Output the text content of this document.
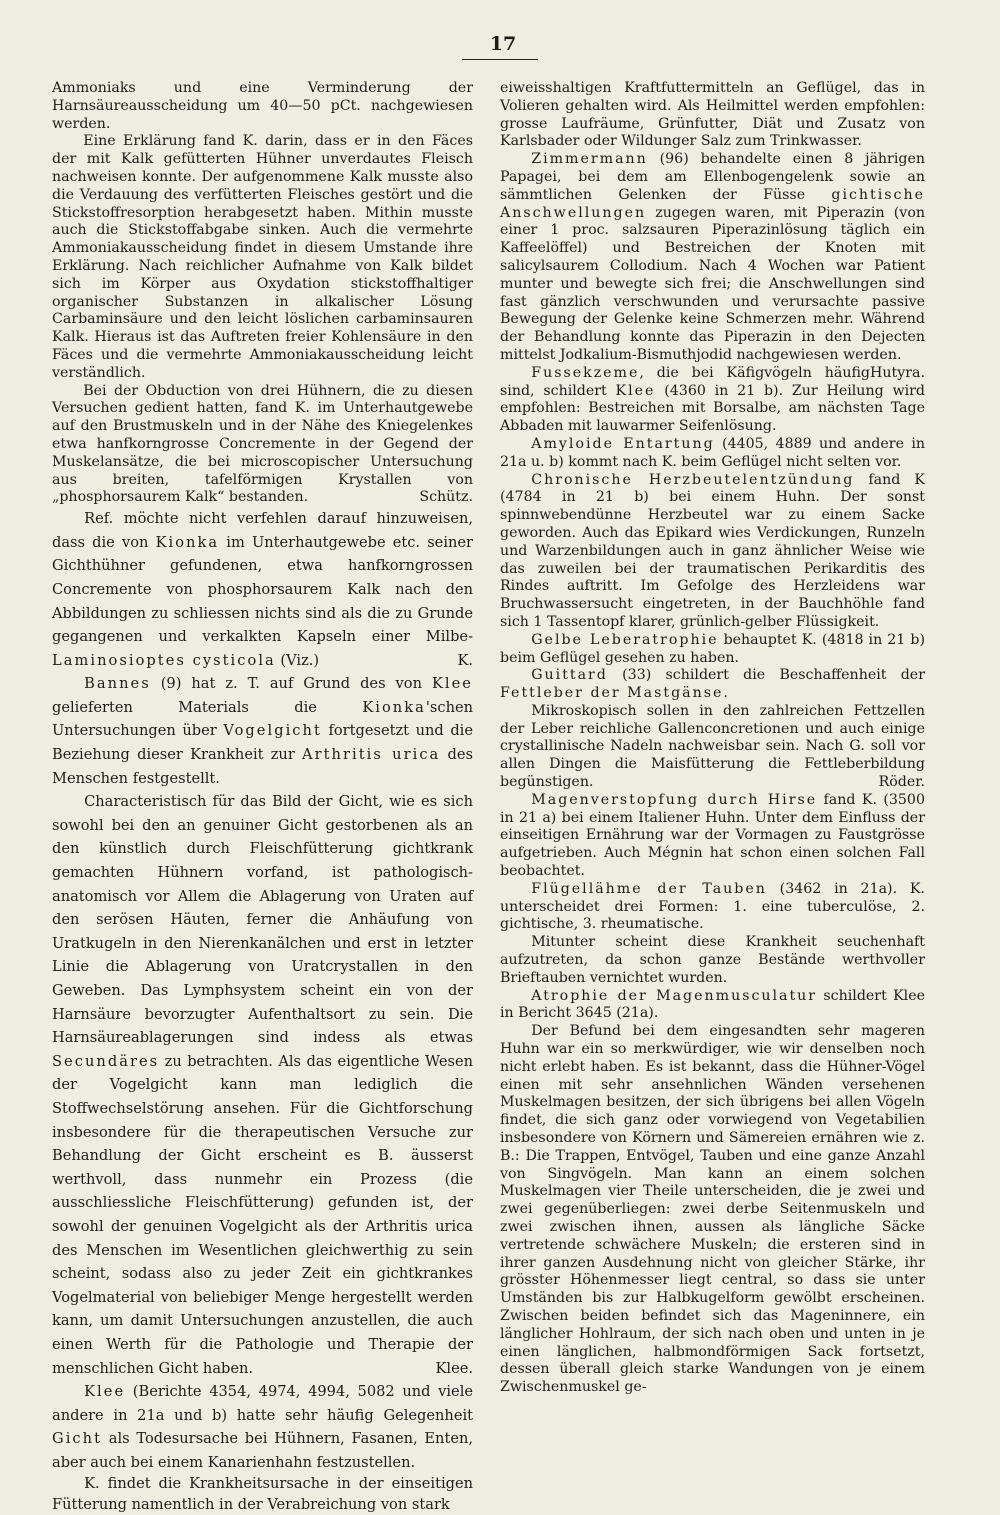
17

Ammoniaks und eine Verminderung der Harnsäureausscheidung um 40—50 pCt. nachgewiesen werden.

Eine Erklärung fand K. darin, dass er in den Fäces der mit Kalk gefütterten Hühner unverdautes Fleisch nachweisen konnte. Der aufgenommene Kalk musste also die Verdauung des verfütterten Fleisches gestört und die Stickstoffresorption herabgesetzt haben. Mithin musste auch die Stickstoffabgabe sinken. Auch die vermehrte Ammoniakausscheidung findet in diesem Umstande ihre Erklärung. Nach reichlicher Aufnahme von Kalk bildet sich im Körper aus Oxydation stickstoffhaltiger organischer Substanzen in alkalischer Lösung Carbaminsäure und den leicht löslichen carbaminsauren Kalk. Hieraus ist das Auftreten freier Kohlensäure in den Fäces und die vermehrte Ammoniakausscheidung leicht verständlich.

Bei der Obduction von drei Hühnern, die zu diesen Versuchen gedient hatten, fand K. im Unterhautgewebe auf den Brustmuskeln und in der Nähe des Kniegelenkes etwa hanfkorngrosse Concremente in der Gegend der Muskelansätze, die bei microscopischer Untersuchung aus breiten, tafelförmigen Krystallen von „phosphorsaurem Kalk“ bestanden.	Schütz.

Ref. möchte nicht verfehlen darauf hinzuweisen, dass die von Kionka im Unterhautgewebe etc. seiner Gichthühner gefundenen, etwa hanfkorngrossen Concremente von phosphorsaurem Kalk nach den Abbildungen zu schliessen nichts sind als die zu Grunde gegangenen und verkalkten Kapseln einer Milbe-Laminosioptes cysticola (Viz.)	K.

Bannes (9) hat z. T. auf Grund des von Klee gelieferten Materials die Kionka'schen Untersuchungen über Vogelgicht fortgesetzt und die Beziehung dieser Krankheit zur Arthritis urica des Menschen festgestellt.

Characteristisch für das Bild der Gicht, wie es sich sowohl bei den an genuiner Gicht gestorbenen als an den künstlich durch Fleischfütterung gichtkrank gemachten Hühnern vorfand, ist pathologisch-anatomisch vor Allem die Ablagerung von Uraten auf den serösen Häuten, ferner die Anhäufung von Uratkugeln in den Nierenkanälchen und erst in letzter Linie die Ablagerung von Uratcrystallen in den Geweben. Das Lymphsystem scheint ein von der Harnsäure bevorzugter Aufenthaltsort zu sein. Die Harnsäureablagerungen sind indess als etwas Secundäres zu betrachten. Als das eigentliche Wesen der Vogelgicht kann man lediglich die Stoffwechselstörung ansehen. Für die Gichtforschung insbesondere für die therapeutischen Versuche zur Behandlung der Gicht erscheint es B. äusserst werthvoll, dass nunmehr ein Prozess (die ausschliessliche Fleischfütterung) gefunden ist, der sowohl der genuinen Vogelgicht als der Arthritis urica des Menschen im Wesentlichen gleichwerthig zu sein scheint, sodass also zu jeder Zeit ein gichtkrankes Vogelmaterial von beliebiger Menge hergestellt werden kann, um damit Untersuchungen anzustellen, die auch einen Werth für die Pathologie und Therapie der menschlichen Gicht haben.	Klee.

Klee (Berichte 4354, 4974, 4994, 5082 und viele andere in 21a und b) hatte sehr häufig Gelegenheit Gicht als Todesursache bei Hühnern, Fasanen, Enten, aber auch bei einem Kanarienhahn festzustellen.

K. findet die Krankheitsursache in der einseitigen Fütterung namentlich in der Verabreichung von stark

eiweisshaltigen Kraftfuttermitteln an Geflügel, das in Volieren gehalten wird. Als Heilmittel werden empfohlen: grosse Laufräume, Grünfutter, Diät und Zusatz von Karlsbader oder Wildunger Salz zum Trinkwasser.

Zimmermann (96) behandelte einen 8 jährigen Papagei, bei dem am Ellenbogengelenk sowie an sämmtlichen Gelenken der Füsse gichtische Anschwellungen zugegen waren, mit Piperazin (von einer 1 proc. salzsauren Piperazinlösung täglich ein Kaffeelöffel) und Bestreichen der Knoten mit salicylsaurem Collodium. Nach 4 Wochen war Patient munter und bewegte sich frei; die Anschwellungen sind fast gänzlich verschwunden und verursachte passive Bewegung der Gelenke keine Schmerzen mehr. Während der Behandlung konnte das Piperazin in den Dejecten mittelst Jodkalium-Bismuthjodid nachgewiesen werden.
Hutyra.

Fussekzeme, die bei Käfigvögeln häufig sind, schildert Klee (4360 in 21 b). Zur Heilung wird empfohlen: Bestreichen mit Borsalbe, am nächsten Tage Abbaden mit lauwarmer Seifenlösung.

Amyloide Entartung (4405, 4889 und andere in 21a u. b) kommt nach K. beim Geflügel nicht selten vor.

Chronische Herzbeutelentzündung fand K (4784 in 21 b) bei einem Huhn. Der sonst spinnwebendünne Herzbeutel war zu einem Sacke geworden. Auch das Epikard wies Verdickungen, Runzeln und Warzenbildungen auch in ganz ähnlicher Weise wie das zuweilen bei der traumatischen Perikarditis des Rindes auftritt. Im Gefolge des Herzleidens war Bruchwassersucht eingetreten, in der Bauchhöhle fand sich 1 Tassentopf klarer, grünlich-gelber Flüssigkeit.

Gelbe Leberatrophie behauptet K. (4818 in 21 b) beim Geflügel gesehen zu haben.

Guittard (33) schildert die Beschaffenheit der Fettleber der Mastgänse.

Mikroskopisch sollen in den zahlreichen Fettzellen der Leber reichliche Gallenconcretionen und auch einige crystallinische Nadeln nachweisbar sein. Nach G. soll vor allen Dingen die Maisfütterung die Fettleberbildung begünstigen.	Röder.

Magenverstopfung durch Hirse fand K. (3500 in 21 a) bei einem Italiener Huhn. Unter dem Einfluss der einseitigen Ernährung war der Vormagen zu Faustgrösse aufgetrieben. Auch Mégnin hat schon einen solchen Fall beobachtet.

Flügellähme der Tauben (3462 in 21a). K. unterscheidet drei Formen: 1. eine tuberculöse, 2. gichtische, 3. rheumatische.

Mitunter scheint diese Krankheit seuchenhaft aufzutreten, da schon ganze Bestände werthvoller Brieftauben vernichtet wurden.

Atrophie der Magenmusculatur schildert Klee in Bericht 3645 (21a).

Der Befund bei dem eingesandten sehr mageren Huhn war ein so merkwürdiger, wie wir denselben noch nicht erlebt haben. Es ist bekannt, dass die Hühner-Vögel einen mit sehr ansehnlichen Wänden versehenen Muskelmagen besitzen, der sich übrigens bei allen Vögeln findet, die sich ganz oder vorwiegend von Vegetabilien insbesondere von Körnern und Sämereien ernähren wie z. B.: Die Trappen, Entvögel, Tauben und eine ganze Anzahl von Singvögeln. Man kann an einem solchen Muskelmagen vier Theile unterscheiden, die je zwei und zwei gegenüberliegen: zwei derbe Seitenmuskeln und zwei zwischen ihnen, aussen als längliche Säcke vertretende schwächere Muskeln; die ersteren sind in ihrer ganzen Ausdehnung nicht von gleicher Stärke, ihr grösster Höhenmesser liegt central, so dass sie unter Umständen bis zur Halbkugelform gewölbt erscheinen. Zwischen beiden befindet sich das Mageninnere, ein länglicher Hohlraum, der sich nach oben und unten in je einen länglichen, halbmondförmigen Sack fortsetzt, dessen überall gleich starke Wandungen von je einem Zwischenmuskel ge-
